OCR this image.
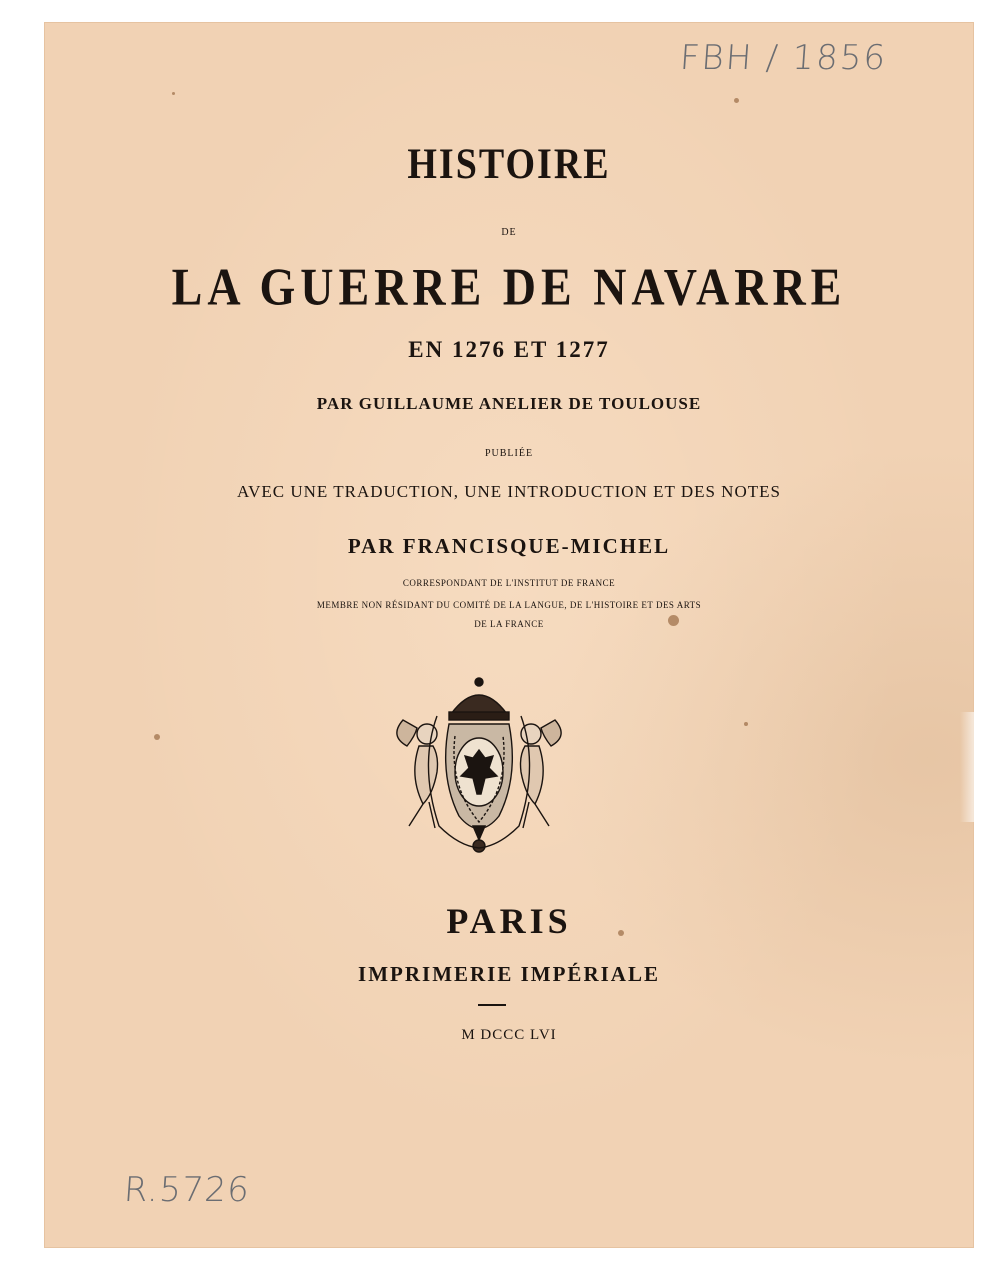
FBH / 1856
HISTOIRE
DE
LA GUERRE DE NAVARRE
EN 1276 ET 1277
PAR GUILLAUME ANELIER DE TOULOUSE
PUBLIÉE
AVEC UNE TRADUCTION, UNE INTRODUCTION ET DES NOTES
PAR FRANCISQUE-MICHEL
CORRESPONDANT DE L'INSTITUT DE FRANCE
MEMBRE NON RÉSIDANT DU COMITÉ DE LA LANGUE, DE L'HISTOIRE ET DES ARTS
DE LA FRANCE
PARIS
IMPRIMERIE IMPÉRIALE
M DCCC LVI
R.5726
